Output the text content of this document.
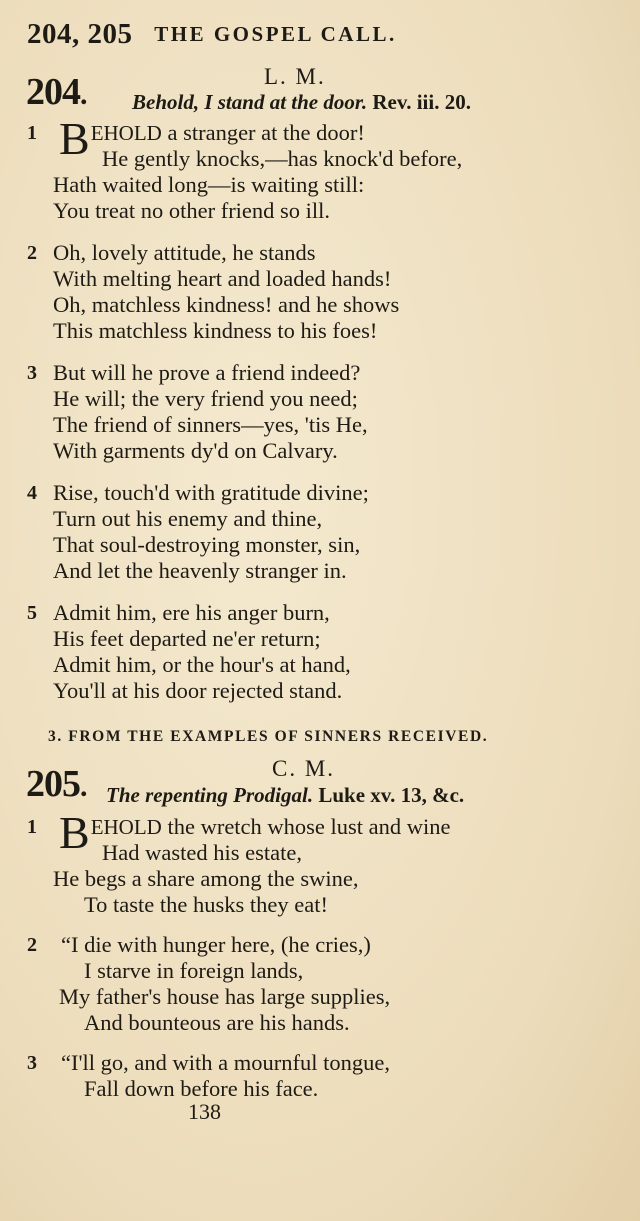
204, 205 THE GOSPEL CALL.
204.
L. M.
Behold, I stand at the door. Rev. iii. 20.
1 BEHOLD a stranger at the door!
He gently knocks,—has knock'd before,
Hath waited long—is waiting still:
You treat no other friend so ill.
2 Oh, lovely attitude, he stands
With melting heart and loaded hands!
Oh, matchless kindness! and he shows
This matchless kindness to his foes!
3 But will he prove a friend indeed?
He will; the very friend you need;
The friend of sinners—yes, 'tis He,
With garments dy'd on Calvary.
4 Rise, touch'd with gratitude divine;
Turn out his enemy and thine,
That soul-destroying monster, sin,
And let the heavenly stranger in.
5 Admit him, ere his anger burn,
His feet departed ne'er return;
Admit him, or the hour's at hand,
You'll at his door rejected stand.
3. FROM THE EXAMPLES OF SINNERS RECEIVED.
205.
C. M.
The repenting Prodigal. Luke xv. 13, &c.
1 BEHOLD the wretch whose lust and wine
Had wasted his estate,
He begs a share among the swine,
To taste the husks they eat!
2 “I die with hunger here, (he cries,)
I starve in foreign lands,
My father's house has large supplies,
And bounteous are his hands.
3 “I'll go, and with a mournful tongue,
Fall down before his face.
138
